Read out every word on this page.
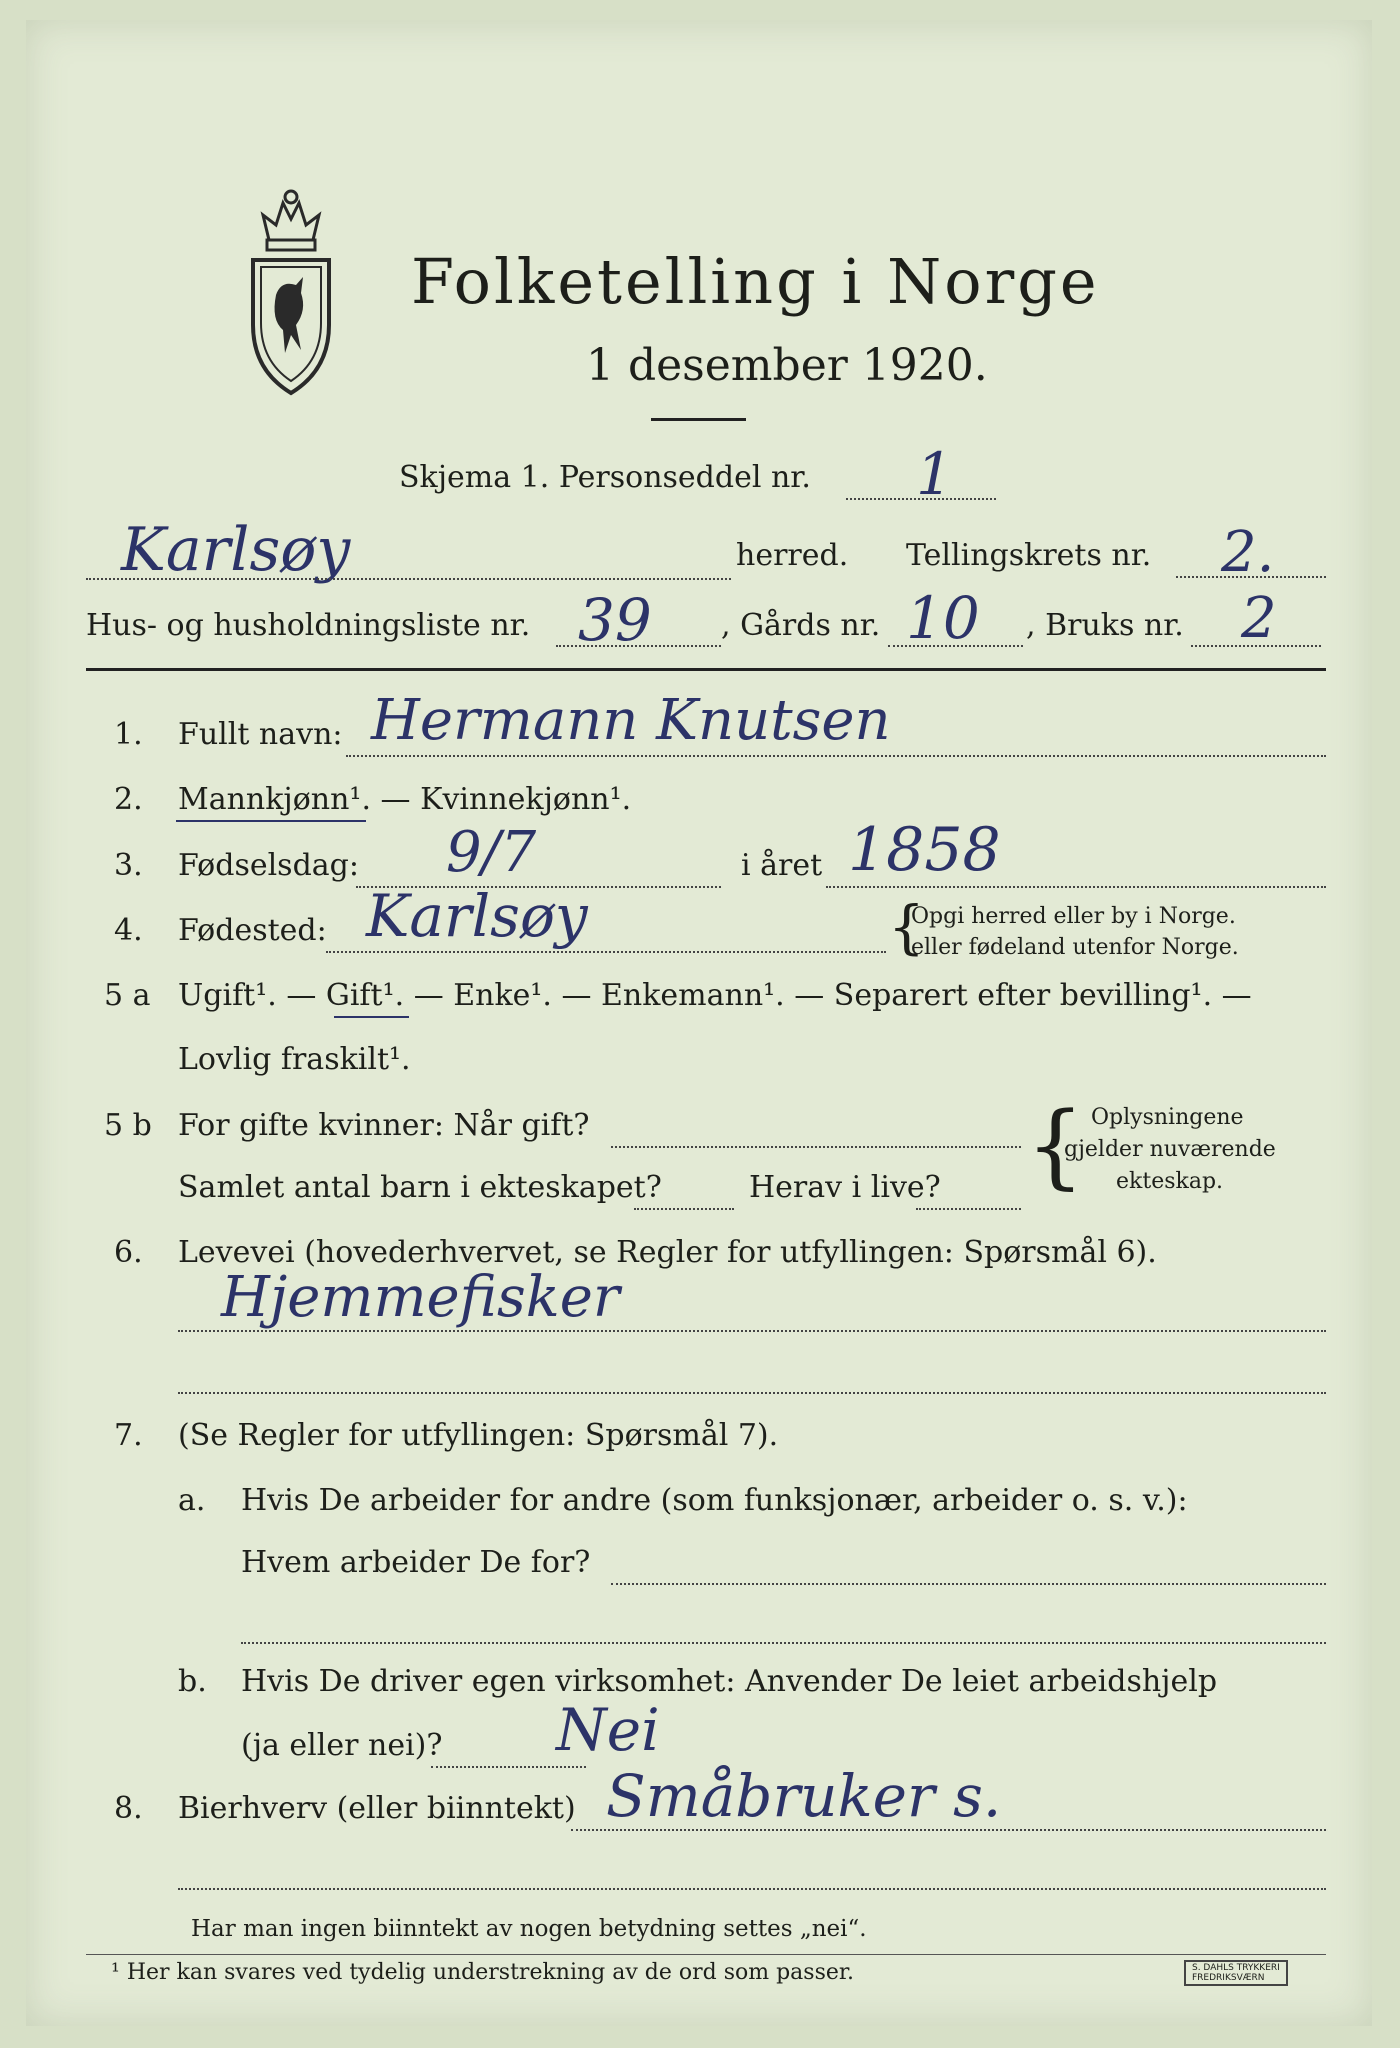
Folketelling i Norge
1 desember 1920.
Skjema 1. Personseddel nr. 1
Karlsøy	herred. Tellingskrets nr. 2.
Hus- og husholdningsliste nr. 39 , Gårds nr. 10 , Bruks nr. 2
1. Fullt navn: Hermann Knutsen
2. Mannkjønn¹. — Kvinnekjønn¹.
3. Fødselsdag: 9/7	i året 1858
4. Fødested: Karlsøy	{
Opgi herred eller by i Norge.
eller fødeland utenfor Norge.
5 a Ugift¹. — Gift¹. — Enke¹. — Enkemann¹. — Separert efter bevilling¹. —
Lovlig fraskilt¹.
5 b For gifte kvinner: Når gift?
Samlet antal barn i ekteskapet?	Herav i live? { Oplysningene
gjelder nuværende
ekteskap.
6. Levevei (hovederhvervet, se Regler for utfyllingen: Spørsmål 6).
Hjemmefisker
7. (Se Regler for utfyllingen: Spørsmål 7).
a. Hvis De arbeider for andre (som funksjonær, arbeider o. s. v.):
Hvem arbeider De for?
b. Hvis De driver egen virksomhet: Anvender De leiet arbeidshjelp
(ja eller nei)? Nei
8. Bierhverv (eller biinntekt) Småbruker s.
Har man ingen biinntekt av nogen betydning settes „nei“.
¹ Her kan svares ved tydelig understrekning av de ord som passer.	S. DAHLS TRYKKERI
FREDRIKSVÆRN
